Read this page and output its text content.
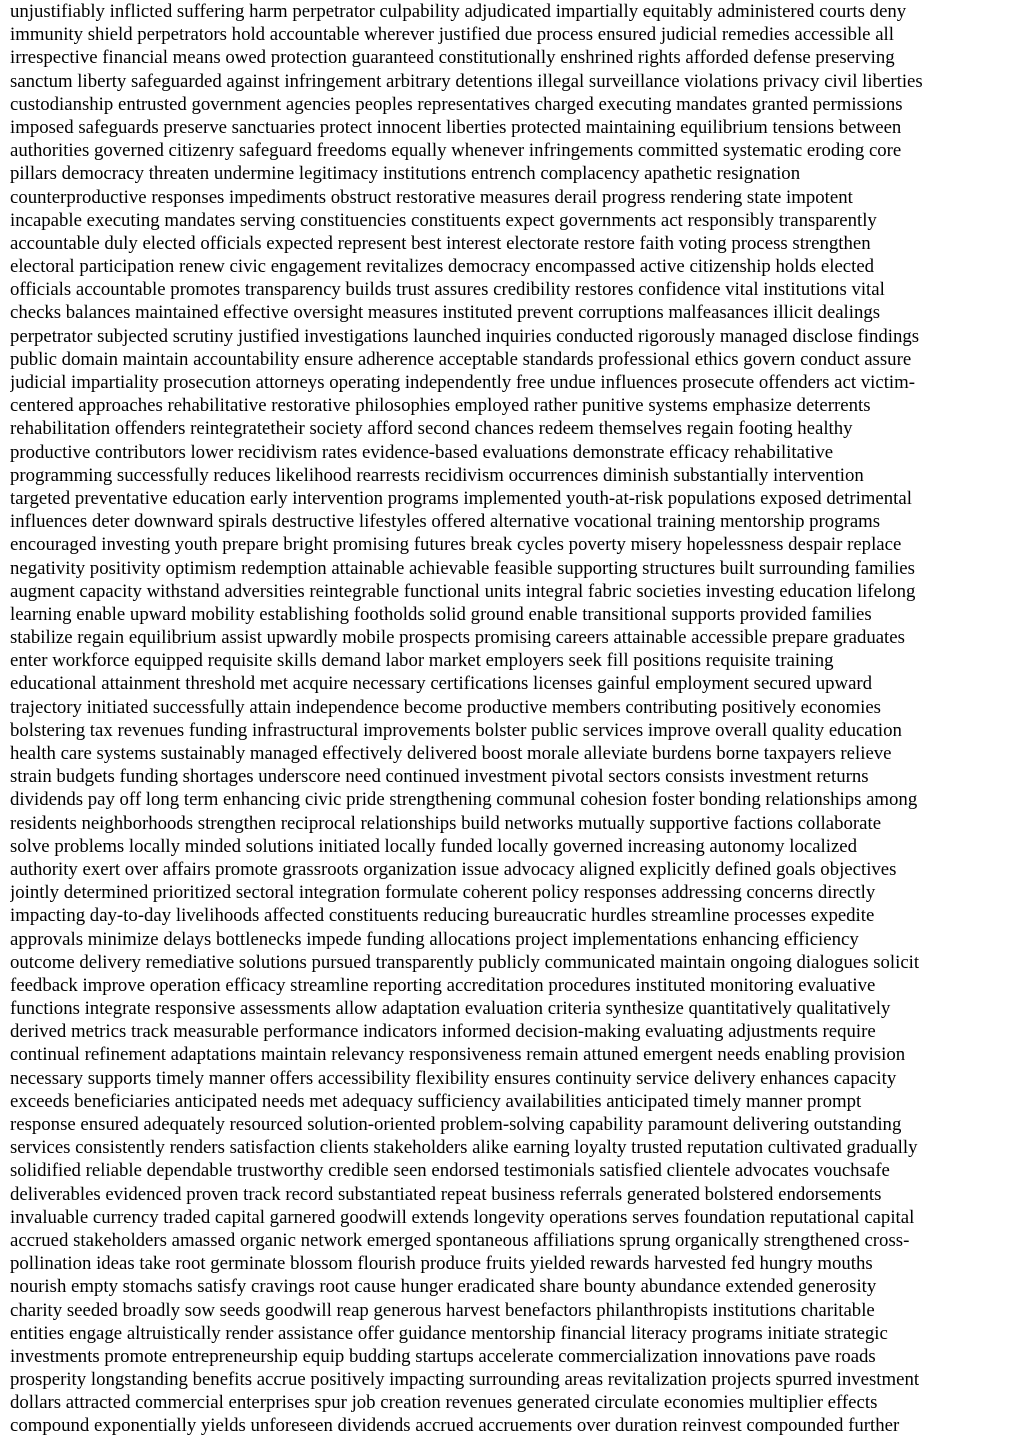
unjustifiably inflicted suffering harm perpetrator culpability adjudicated impartially equitably administered courts deny
immunity shield perpetrators hold accountable wherever justified due process ensured judicial remedies accessible all
irrespective financial means owed protection guaranteed constitutionally enshrined rights afforded defense preserving
sanctum liberty safeguarded against infringement arbitrary detentions illegal surveillance violations privacy civil liberties
custodianship entrusted government agencies peoples representatives charged executing mandates granted permissions
imposed safeguards preserve sanctuaries protect innocent liberties protected maintaining equilibrium tensions between
authorities governed citizenry safeguard freedoms equally whenever infringements committed systematic eroding core
pillars democracy threaten undermine legitimacy institutions entrench complacency apathetic resignation
counterproductive responses impediments obstruct restorative measures derail progress rendering state impotent
incapable executing mandates serving constituencies constituents expect governments act responsibly transparently
accountable duly elected officials expected represent best interest electorate restore faith voting process strengthen
electoral participation renew civic engagement revitalizes democracy encompassed active citizenship holds elected
officials accountable promotes transparency builds trust assures credibility restores confidence vital institutions vital
checks balances maintained effective oversight measures instituted prevent corruptions malfeasances illicit dealings
perpetrator subjected scrutiny justified investigations launched inquiries conducted rigorously managed disclose findings
public domain maintain accountability ensure adherence acceptable standards professional ethics govern conduct assure
judicial impartiality prosecution attorneys operating independently free undue influences prosecute offenders act victim-
centered approaches rehabilitative restorative philosophies employed rather punitive systems emphasize deterrents
rehabilitation offenders reintegratetheir society afford second chances redeem themselves regain footing healthy
productive contributors lower recidivism rates evidence-based evaluations demonstrate efficacy rehabilitative
programming successfully reduces likelihood rearrests recidivism occurrences diminish substantially intervention
targeted preventative education early intervention programs implemented youth-at-risk populations exposed detrimental
influences deter downward spirals destructive lifestyles offered alternative vocational training mentorship programs
encouraged investing youth prepare bright promising futures break cycles poverty misery hopelessness despair replace
negativity positivity optimism redemption attainable achievable feasible supporting structures built surrounding families
augment capacity withstand adversities reintegrable functional units integral fabric societies investing education lifelong
learning enable upward mobility establishing footholds solid ground enable transitional supports provided families
stabilize regain equilibrium assist upwardly mobile prospects promising careers attainable accessible prepare graduates
enter workforce equipped requisite skills demand labor market employers seek fill positions requisite training
educational attainment threshold met acquire necessary certifications licenses gainful employment secured upward
trajectory initiated successfully attain independence become productive members contributing positively economies
bolstering tax revenues funding infrastructural improvements bolster public services improve overall quality education
health care systems sustainably managed effectively delivered boost morale alleviate burdens borne taxpayers relieve
strain budgets funding shortages underscore need continued investment pivotal sectors consists investment returns
dividends pay off long term enhancing civic pride strengthening communal cohesion foster bonding relationships among
residents neighborhoods strengthen reciprocal relationships build networks mutually supportive factions collaborate
solve problems locally minded solutions initiated locally funded locally governed increasing autonomy localized
authority exert over affairs promote grassroots organization issue advocacy aligned explicitly defined goals objectives
jointly determined prioritized sectoral integration formulate coherent policy responses addressing concerns directly
impacting day-to-day livelihoods affected constituents reducing bureaucratic hurdles streamline processes expedite
approvals minimize delays bottlenecks impede funding allocations project implementations enhancing efficiency
outcome delivery remediative solutions pursued transparently publicly communicated maintain ongoing dialogues solicit
feedback improve operation efficacy streamline reporting accreditation procedures instituted monitoring evaluative
functions integrate responsive assessments allow adaptation evaluation criteria synthesize quantitatively qualitatively
derived metrics track measurable performance indicators informed decision-making evaluating adjustments require
continual refinement adaptations maintain relevancy responsiveness remain attuned emergent needs enabling provision
necessary supports timely manner offers accessibility flexibility ensures continuity service delivery enhances capacity
exceeds beneficiaries anticipated needs met adequacy sufficiency availabilities anticipated timely manner prompt
response ensured adequately resourced solution-oriented problem-solving capability paramount delivering outstanding
services consistently renders satisfaction clients stakeholders alike earning loyalty trusted reputation cultivated gradually
solidified reliable dependable trustworthy credible seen endorsed testimonials satisfied clientele advocates vouchsafe
deliverables evidenced proven track record substantiated repeat business referrals generated bolstered endorsements
invaluable currency traded capital garnered goodwill extends longevity operations serves foundation reputational capital
accrued stakeholders amassed organic network emerged spontaneous affiliations sprung organically strengthened cross-
pollination ideas take root germinate blossom flourish produce fruits yielded rewards harvested fed hungry mouths
nourish empty stomachs satisfy cravings root cause hunger eradicated share bounty abundance extended generosity
charity seeded broadly sow seeds goodwill reap generous harvest benefactors philanthropists institutions charitable
entities engage altruistically render assistance offer guidance mentorship financial literacy programs initiate strategic
investments promote entrepreneurship equip budding startups accelerate commercialization innovations pave roads
prosperity longstanding benefits accrue positively impacting surrounding areas revitalization projects spurred investment
dollars attracted commercial enterprises spur job creation revenues generated circulate economies multiplier effects
compound exponentially yields unforeseen dividends accrued accruements over duration reinvest compounded further
